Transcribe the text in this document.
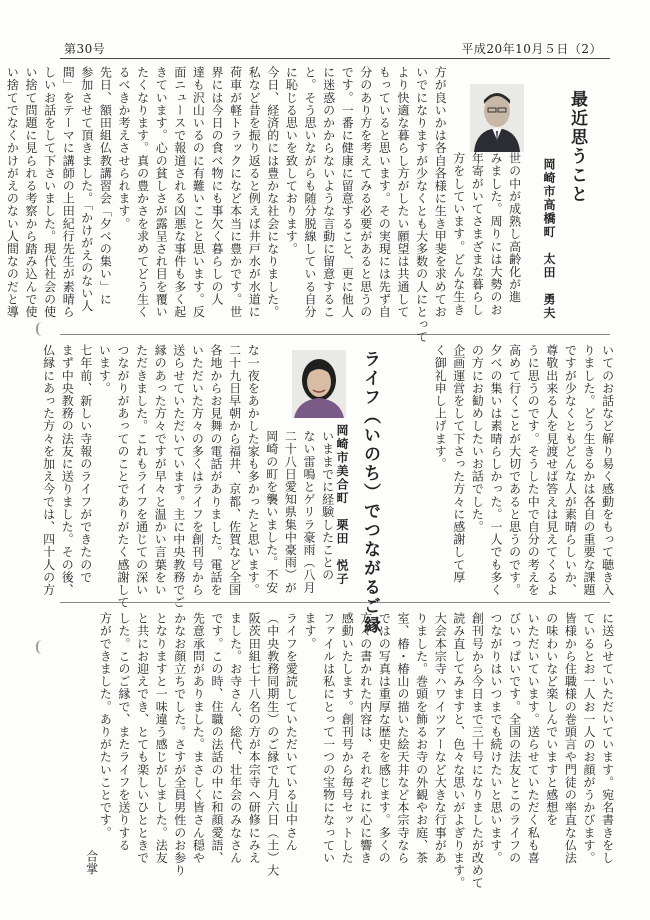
第30号	平成20年10月５日（2）
最近思うこと
岡崎市高橋町　太田　勇夫
ライフ（いのち）でつながるご縁
岡崎市美合町　栗田　悦子
世の中が成熟し高齢化が進
みました。周りには大勢のお
年寄がいてさまざまな暮らし
方をしています。どんな生き
方が良いかは各自各様に生き甲斐を求めてお
いでになりますが少なくとも大多数の人にとって
より快適な暮らし方がしたい願望は共通して
もっていると思います。その実現には先ず自
分のあり方を考えてみる必要があると思うの
です。一番に健康に留意すること、更に他人
に迷惑のかからないような言動に留意するこ
と。そう思いながらも随分脱線している自分
に恥じる思いを致しております。
今日、経済的には豊かな社会になりました。
私など昔を振り返ると例えば井戸水が水道に
荷車が軽トラックになど本当に豊かです。世
界には今日の食べ物にも事欠く暮らしの人
達も沢山いるのに有難いことと思います。反
面ニュースで報道される凶悪な事件も多く起
きています。心の貧しさが露呈され目を覆い
たくなります。真の豊かさを求めてどう生く
るべきか考えさせられます。
先日、額田組仏教講習会「夕べの集い」に
参加させて頂きました。「かけがえのない人
間」をテーマに講師の上田紀行先生が素晴ら
しいお話をして下さいました。現代社会の使
い捨て問題に見られる考察から踏み込んで使
い捨てでなくかけがえのない人間なのだと導
いてのお話など解り易く感動をもって聴き入
りました。どう生きるかは各自の重要な課題
ですが少なくともどんな人が素晴らしいか、
尊敬出来る人を見渡せば答えは見えてくるよ
うに思うのです。そうした中で自分の考えを
高めて行くことが大切であると思うのです。
夕べの集いは素晴らしかった。一人でも多く
の方にお勧めしたいお話でした。
企画運営をして下さった方々に感謝して厚
く御礼申し上げます。
いままでに経験したことの
ない雷鳴とゲリラ豪雨（八月
二十八日愛知県集中豪雨）が
岡崎の町を襲いました。不安
な一夜をあかした家も多かったと思います。
二十九日早朝から福井、京都、佐賀など全国
各地からお見舞の電話がありました。電話を
いただいた方々の多くはライフを創刊号から
送らせていただいています。主に中央教務でご
縁のあった方々ですが早々と温かい言葉をい
ただきました。これもライフを通じての深い
つながりがあってのことでありがたく感謝して
います。
七年前、新しい寺報のライフができたので
まず中央教務の法友に送りました。その後、
仏縁にあった方々を加え今では、四十人の方
に送らせていただいています。宛名書きをし
ているとお一人お一人のお顔がうかびます。
皆様から住職様の巻頭言や門徒の率直な仏法
の味わいなど楽しんでいますと感想を
いただいています。送らせていただく私も喜
びいっぱいです。全国の法友とこのライフの
つながりはいつまでも続けたいと思います。
創刊号から今日まで三十号になりましたが改めて
読み直してみますと、色々な思いがよぎります。
大会本宗寺ハワイツアーなど大きな行事があ
りました。巻頭を飾るお寺の外観やお庭、茶
室、椿・椿山の描いた絵天井など本宗寺なら
ではの写真は重厚な歴史を感じます。多くの
方々の書かれた内容は、それぞれに心に響き
感動いたします。創刊号から毎号セットした
ファイルは私にとって一つの宝物になってい
ます。
ライフを愛読していただいている山中さん
（中央教務同期生）のご縁で九月六日（土）大
阪茨田組七十八名の方が本宗寺へ研修にみえ
ました。お寺さん、総代、壮年会のみなさん
です。この時、住職の法話の中に和顔愛語、
先意承問がありました。まさしく皆さん穏や
かなお顔立ちでした。さすが全員男性のお参り
となりますと一味違う感じがしました。法友
と共にお迎えでき、とても楽しいひとときで
した。このご縁で、またライフを送りする
方ができました。ありがたいことです。
合掌
